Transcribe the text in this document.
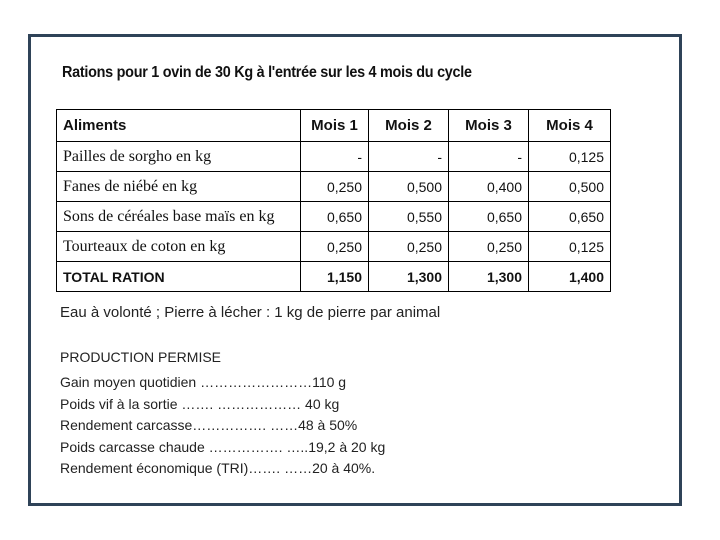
Rations pour 1 ovin de 30 Kg à l'entrée sur les 4 mois du cycle
Aliments	Mois 1	Mois 2	Mois 3	Mois 4
Pailles de sorgho en kg	-	-	-	0,125
Fanes de niébé en kg	0,250	0,500	0,400	0,500
Sons de céréales base maïs en kg	0,650	0,550	0,650	0,650
Tourteaux de coton en kg	0,250	0,250	0,250	0,125
TOTAL RATION	1,150	1,300	1,300	1,400
Eau à volonté ; Pierre à lécher : 1 kg de pierre par animal
PRODUCTION PERMISE
Gain moyen quotidien ……………………110 g
Poids vif à la sortie ……. ……………… 40 kg
Rendement carcasse……………. ……48 à 50%
Poids carcasse chaude ……………. …..19,2 à 20 kg
Rendement économique (TRI)……. ……20 à 40%.
